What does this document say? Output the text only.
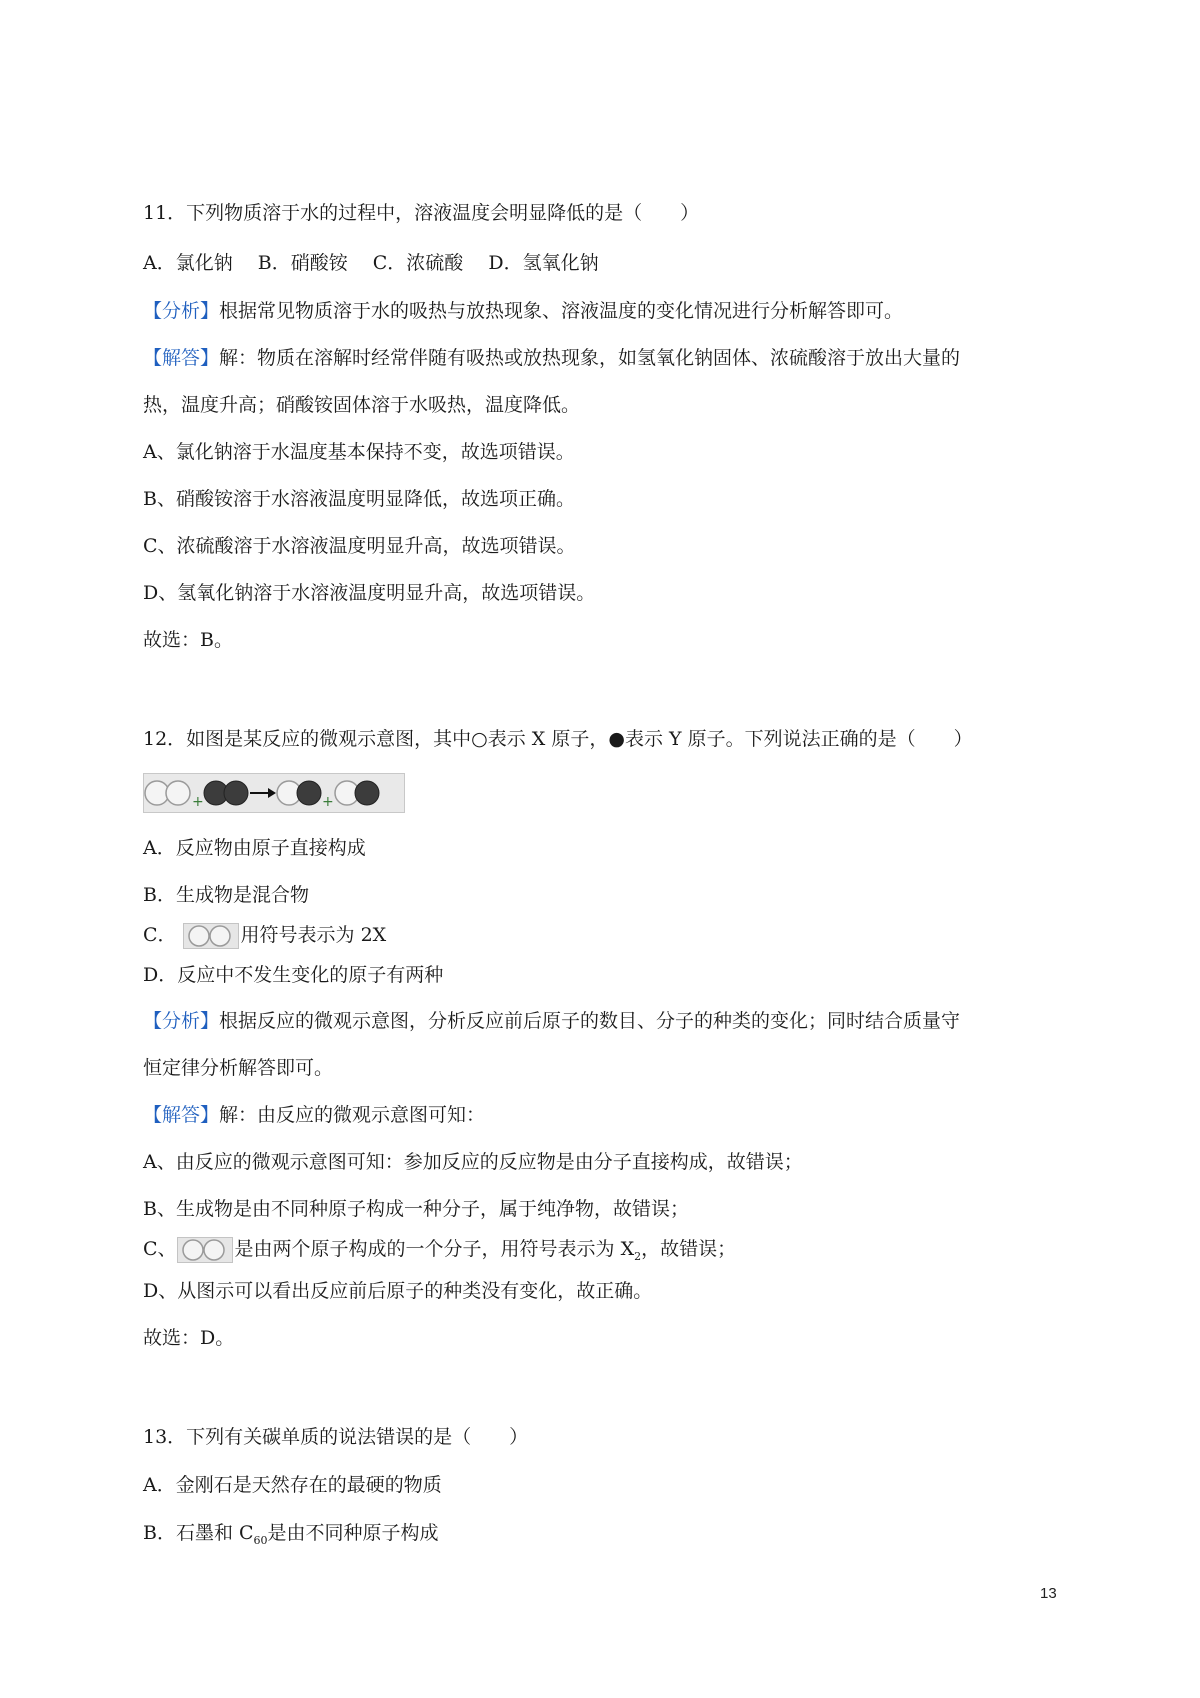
11．下列物质溶于水的过程中，溶液温度会明显降低的是（　　）
A．氯化钠　 B．硝酸铵　 C．浓硫酸　 D．氢氧化钠
【分析】根据常见物质溶于水的吸热与放热现象、溶液温度的变化情况进行分析解答即可。
【解答】解：物质在溶解时经常伴随有吸热或放热现象，如氢氧化钠固体、浓硫酸溶于放出大量的
热，温度升高；硝酸铵固体溶于水吸热，温度降低。
A、氯化钠溶于水温度基本保持不变，故选项错误。
B、硝酸铵溶于水溶液温度明显降低，故选项正确。
C、浓硫酸溶于水溶液温度明显升高，故选项错误。
D、氢氧化钠溶于水溶液温度明显升高，故选项错误。
故选：B。
12．如图是某反应的微观示意图，其中○表示 X 原子，●表示 Y 原子。下列说法正确的是（　　）
+	+
A．反应物由原子直接构成
B．生成物是混合物
C．	用符号表示为 2X
D．反应中不发生变化的原子有两种
【分析】根据反应的微观示意图，分析反应前后原子的数目、分子的种类的变化；同时结合质量守
恒定律分析解答即可。
【解答】解：由反应的微观示意图可知：
A、由反应的微观示意图可知：参加反应的反应物是由分子直接构成，故错误；
B、生成物是由不同种原子构成一种分子，属于纯净物，故错误；
C、	是由两个原子构成的一个分子，用符号表示为 $X_2$，故错误；
D、从图示可以看出反应前后原子的种类没有变化，故正确。
故选：D。
13．下列有关碳单质的说法错误的是（　　）
A．金刚石是天然存在的最硬的物质
B．石墨和 $C_{60}$是由不同种原子构成
13
